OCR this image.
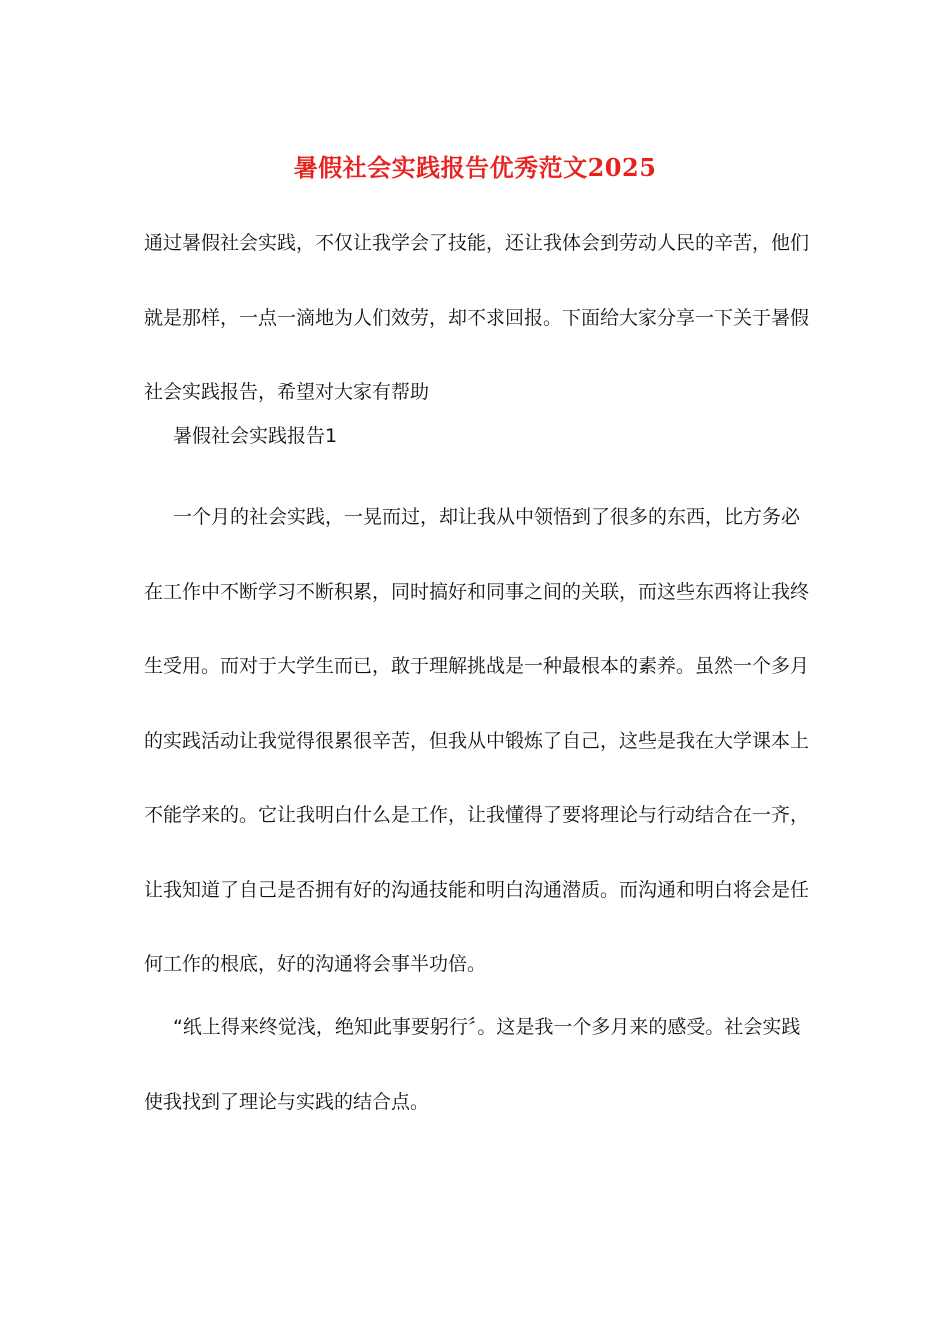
暑假社会实践报告优秀范文2025

通过暑假社会实践，不仅让我学会了技能，还让我体会到劳动人民的辛苦，他们就是那样，一点一滴地为人们效劳，却不求回报。下面给大家分享一下关于暑假社会实践报告，希望对大家有帮助

暑假社会实践报告1

一个月的社会实践，一晃而过，却让我从中领悟到了很多的东西，比方务必在工作中不断学习不断积累，同时搞好和同事之间的关联，而这些东西将让我终生受用。而对于大学生而已，敢于理解挑战是一种最根本的素养。虽然一个多月的实践活动让我觉得很累很辛苦，但我从中锻炼了自己，这些是我在大学课本上不能学来的。它让我明白什么是工作，让我懂得了要将理论与行动结合在一齐，让我知道了自己是否拥有好的沟通技能和明白沟通潜质。而沟通和明白将会是任何工作的根底，好的沟通将会事半功倍。

“纸上得来终觉浅，绝知此事要躬行〞。这是我一个多月来的感受。社会实践使我找到了理论与实践的结合点。
